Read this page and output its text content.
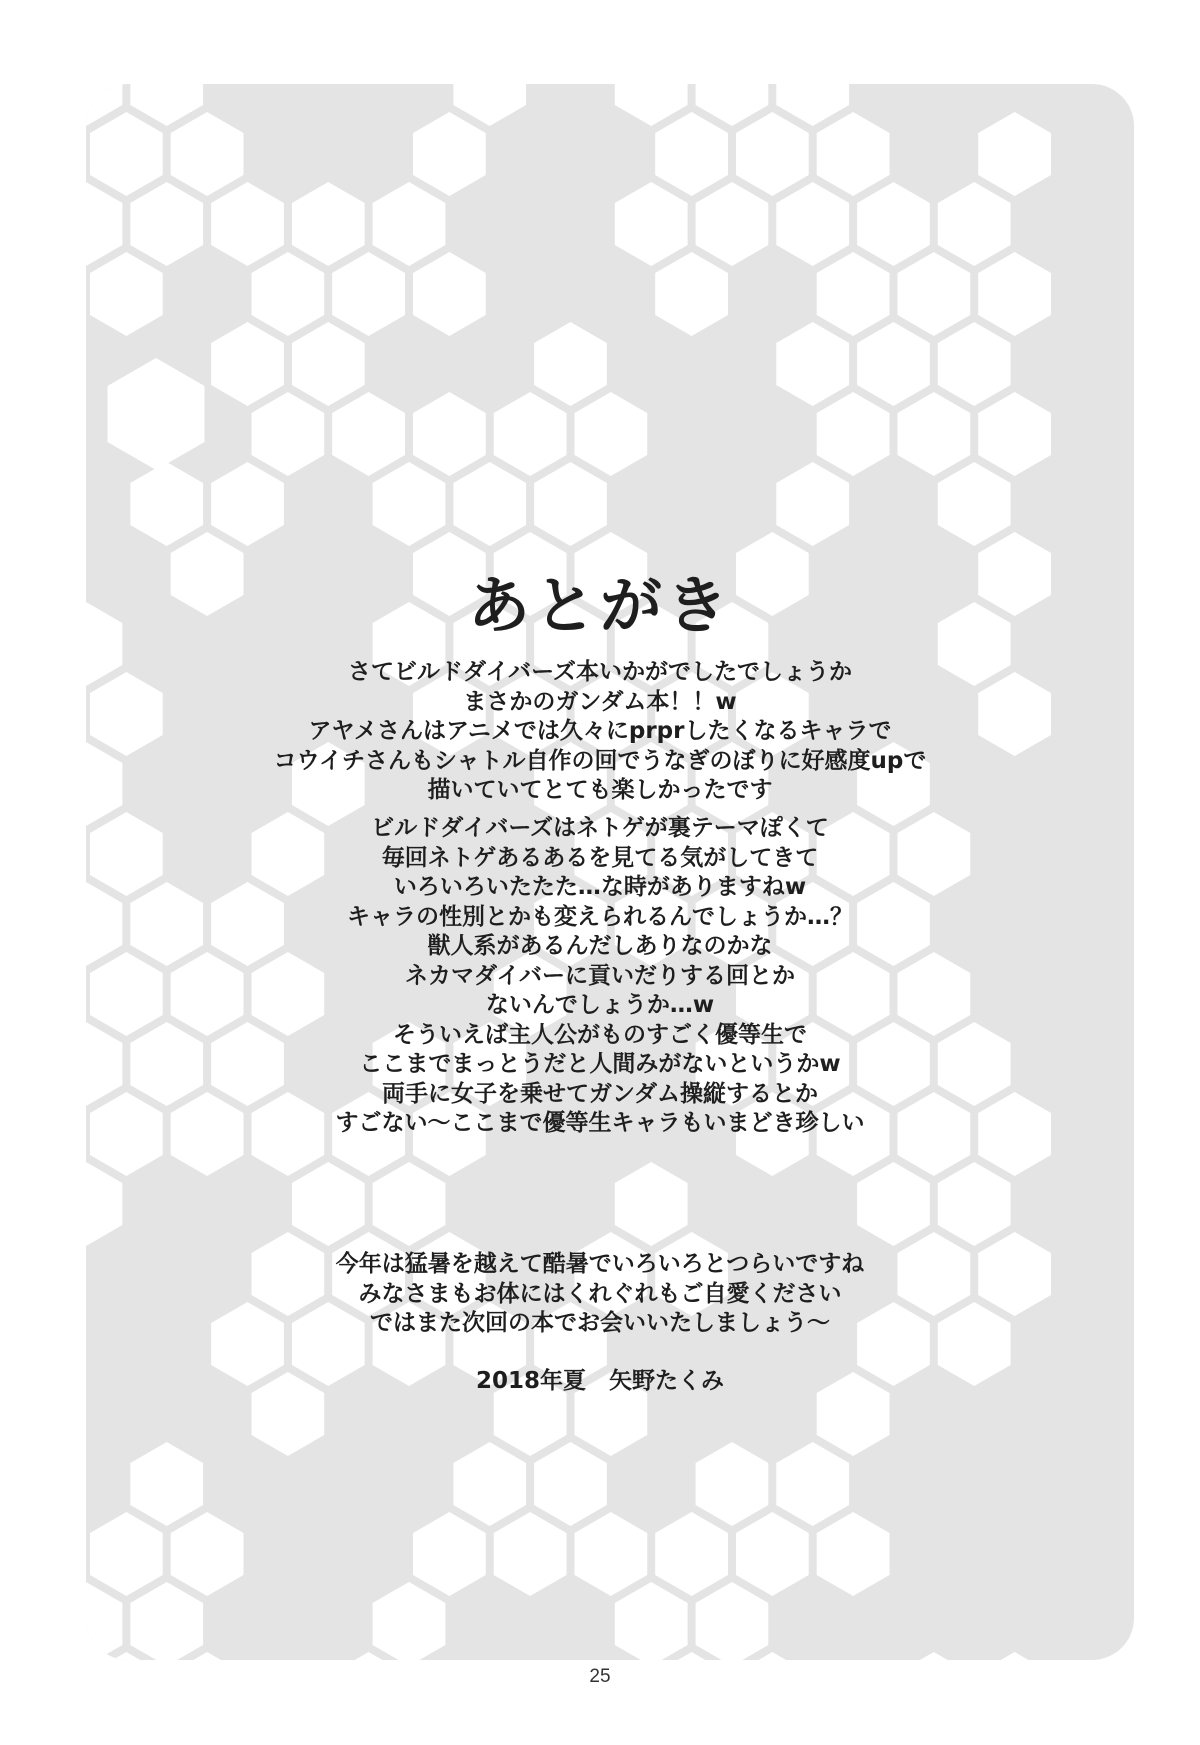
あとがき
さてビルドダイバーズ本いかがでしたでしょうか
まさかのガンダム本！！w
アヤメさんはアニメでは久々にprprしたくなるキャラで
コウイチさんもシャトル自作の回でうなぎのぼりに好感度upで
描いていてとても楽しかったです
ビルドダイバーズはネトゲが裏テーマぽくて
毎回ネトゲあるあるを見てる気がしてきて
いろいろいたたた…な時がありますねw
キャラの性別とかも変えられるんでしょうか…？
獣人系があるんだしありなのかな
ネカマダイバーに貢いだりする回とか
ないんでしょうか…w
そういえば主人公がものすごく優等生で
ここまでまっとうだと人間みがないというかw
両手に女子を乗せてガンダム操縦するとか
すごない〜ここまで優等生キャラもいまどき珍しい
今年は猛暑を越えて酷暑でいろいろとつらいですね
みなさまもお体にはくれぐれもご自愛ください
ではまた次回の本でお会いいたしましょう〜
2018年夏　矢野たくみ
25
